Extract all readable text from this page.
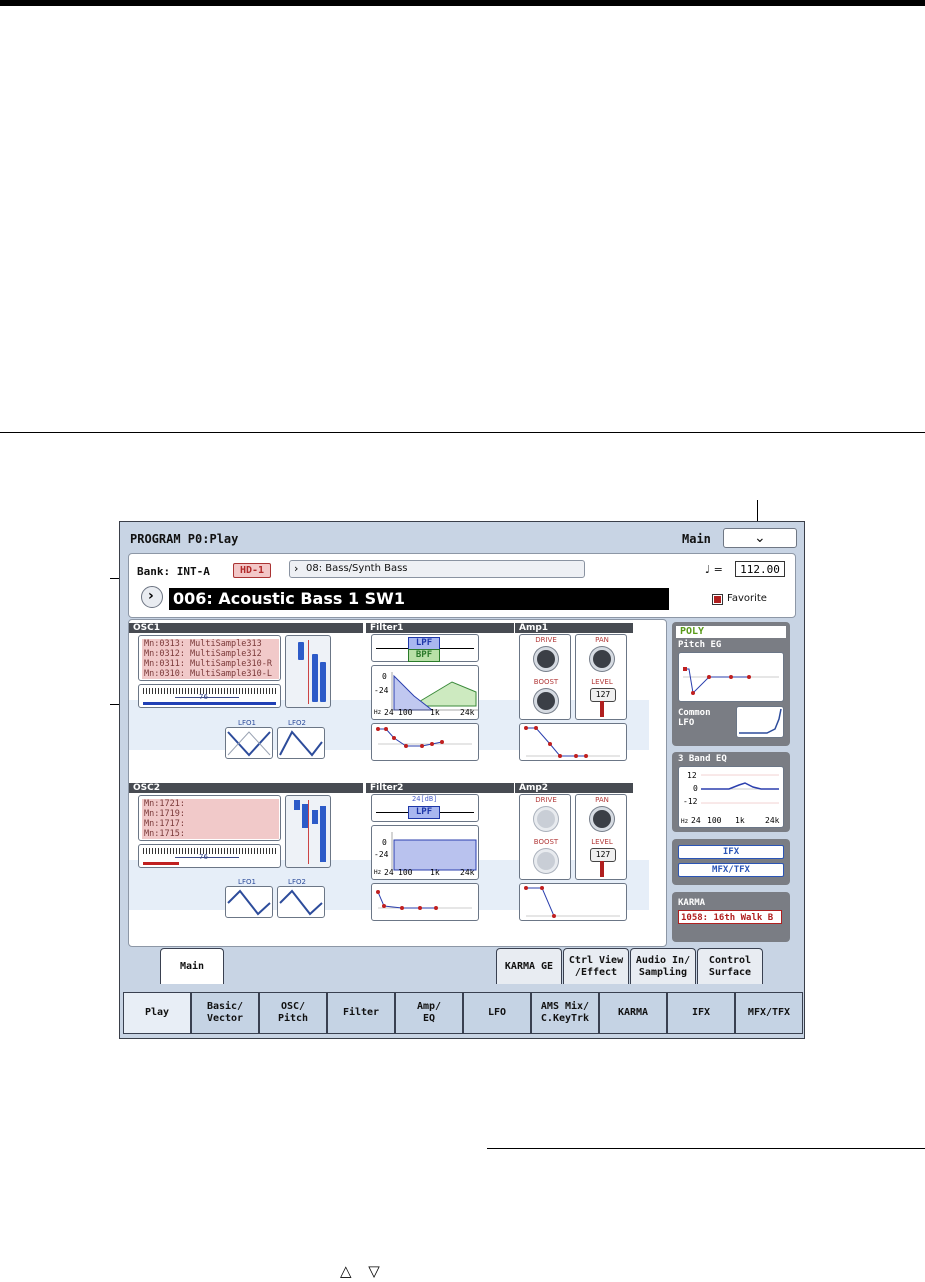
PROGRAM P0:Play	Main	⌄
Bank: INT-A	HD-1	› 08: Bass/Synth Bass	♩ =	112.00
› 006: Acoustic Bass 1 SW1	Favorite
OSC1
Mn:0313: MultiSample313
Mn:0312: MultiSample312
Mn:0311: MultiSample310-R
Mn:0310: MultiSample310-L
76
LFO1	LFO2
Filter1
LPF
BPF
0
-24
Hz 24 100 1k	24k
Amp1
DRIVE
BOOST
PAN
LEVEL
127
OSC2
Mn:1721:
Mn:1719:
Mn:1717:
Mn:1715:
76
LFO1	LFO2
Filter2
24[dB]
LPF
0
-24
Hz 24 100 1k	24k
Amp2
DRIVE
BOOST
PAN
LEVEL
127
POLY
Pitch EG
Common
LFO
3 Band EQ
12
0
-12
Hz 24 100 1k	24k
IFX
MFX/TFX
KARMA
1058: 16th Walk B
Main	KARMA GE
Ctrl View
/Effect
Audio In/
Sampling
Control
Surface
Play
Basic/
Vector
OSC/
Pitch
Filter
Amp/
EQ
LFO
AMS Mix/
C.KeyTrk
KARMA	IFX	MFX/TFX
△ ▽
